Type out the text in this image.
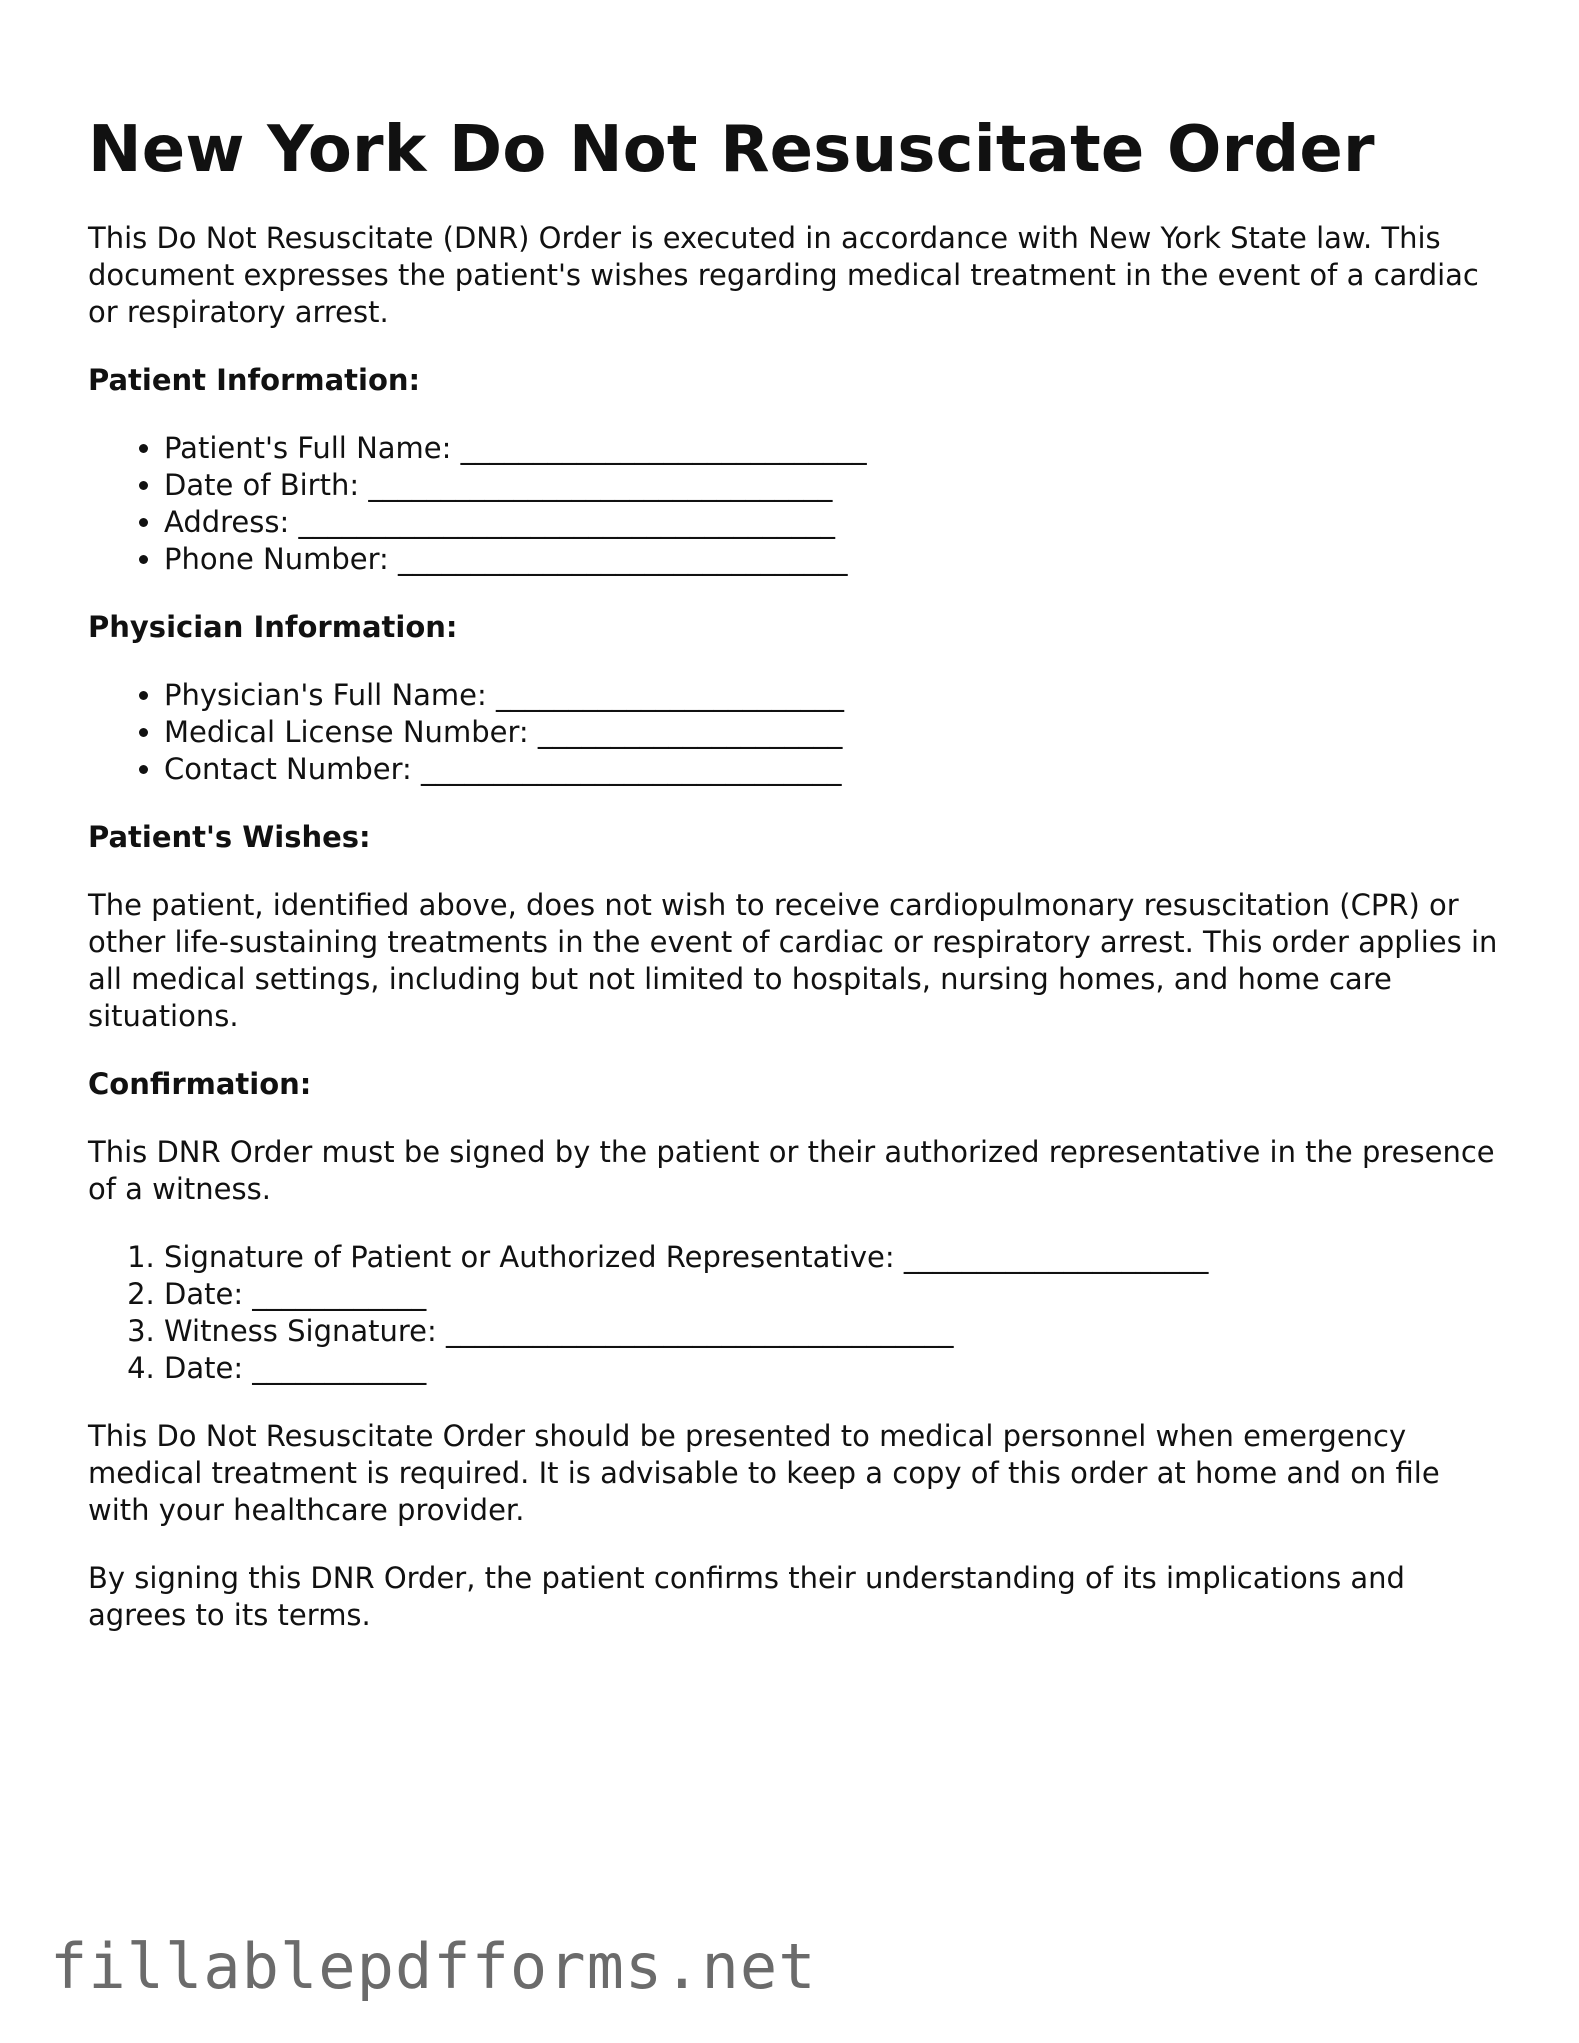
New York Do Not Resuscitate Order

This Do Not Resuscitate (DNR) Order is executed in accordance with New York State law. This document expresses the patient's wishes regarding medical treatment in the event of a cardiac or respiratory arrest.

Patient Information:
• Patient's Full Name: ____________________________
• Date of Birth: ________________________________
• Address: _____________________________________
• Phone Number: _______________________________
Physician Information:
• Physician's Full Name: ________________________
• Medical License Number: _____________________
• Contact Number: _____________________________
Patient's Wishes:

The patient, identified above, does not wish to receive cardiopulmonary resuscitation (CPR) or other life-sustaining treatments in the event of cardiac or respiratory arrest. This order applies in all medical settings, including but not limited to hospitals, nursing homes, and home care situations.

Confirmation:

This DNR Order must be signed by the patient or their authorized representative in the presence of a witness.

1. Signature of Patient or Authorized Representative: _____________________
2. Date: ____________
3. Witness Signature: ___________________________________
4. Date: ____________

This Do Not Resuscitate Order should be presented to medical personnel when emergency medical treatment is required. It is advisable to keep a copy of this order at home and on file with your healthcare provider.

By signing this DNR Order, the patient confirms their understanding of its implications and agrees to its terms.

fillablepdfforms.net
